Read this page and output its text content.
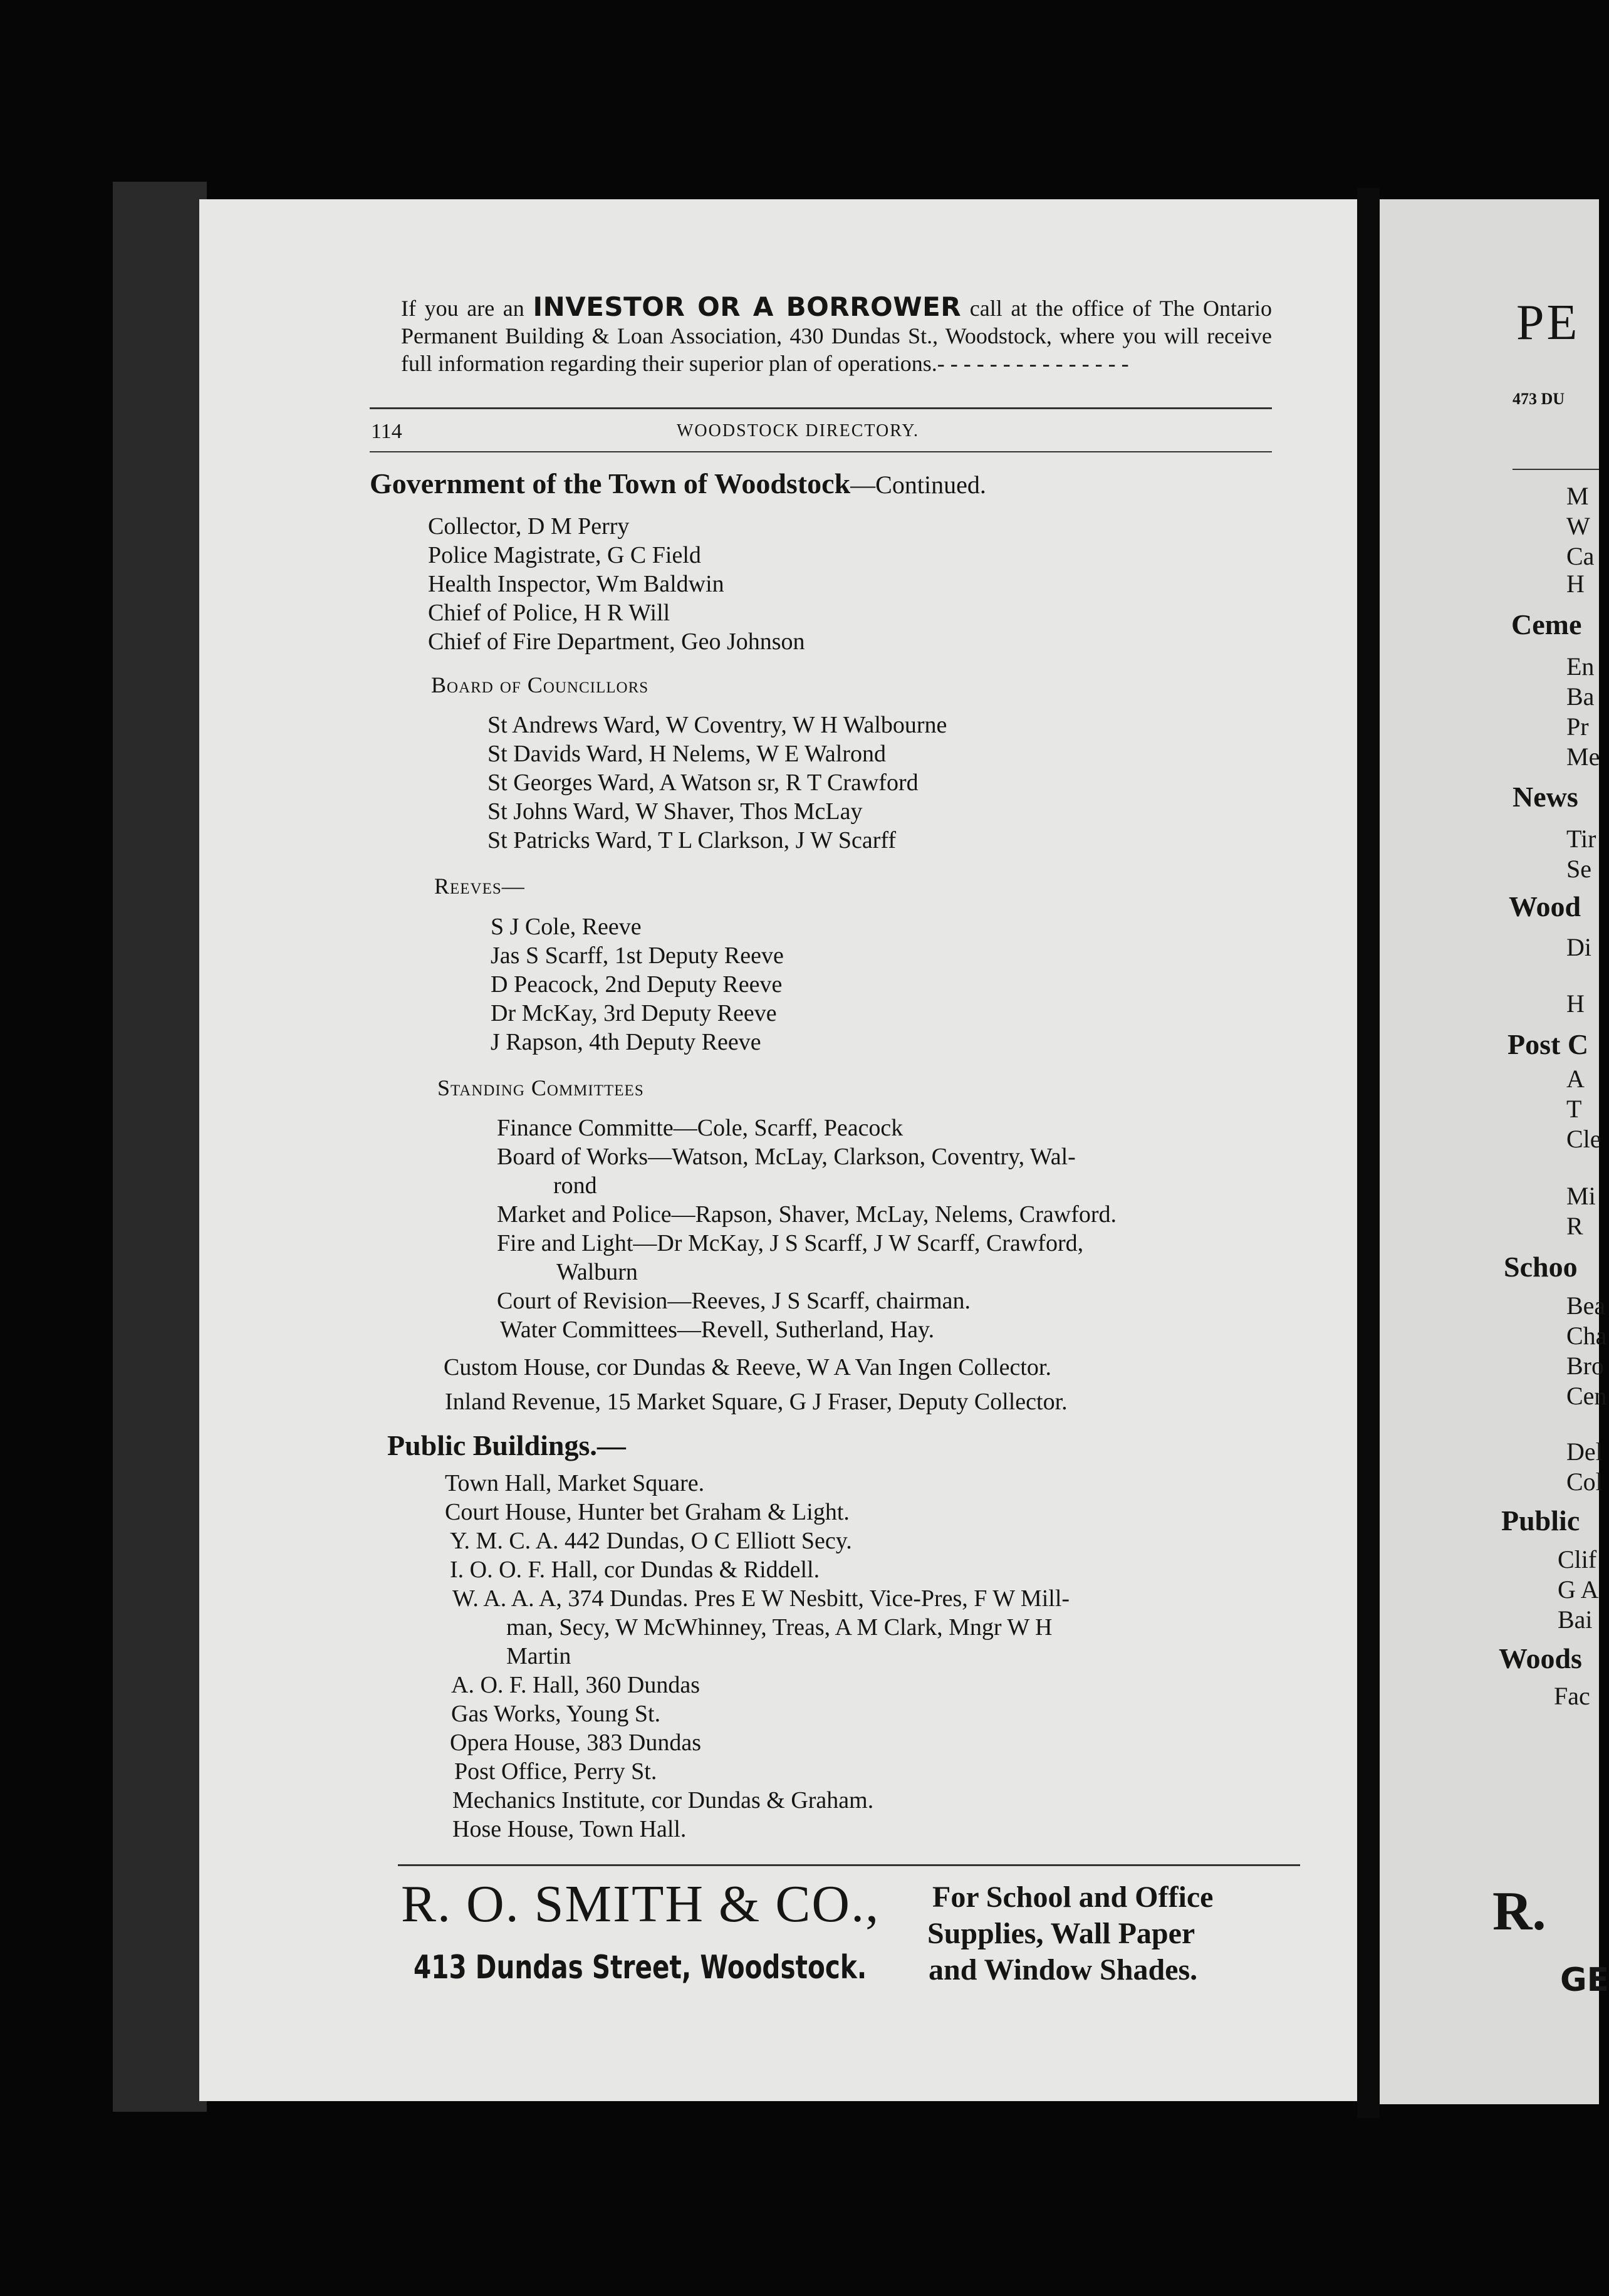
If you are an INVESTOR OR A BORROWER call at the office of The Ontario Permanent Building & Loan Association, 430 Dundas St., Woodstock, where you will receive full information regarding their superior plan of operations.- - - - - - - - - - - - - - -
114	WOODSTOCK DIRECTORY.
Government of the Town of Woodstock—Continued.
Collector, D M Perry
Police Magistrate, G C Field
Health Inspector, Wm Baldwin
Chief of Police, H R Will
Chief of Fire Department, Geo Johnson
Board of Councillors
St Andrews Ward, W Coventry, W H Walbourne
St Davids Ward, H Nelems, W E Walrond
St Georges Ward, A Watson sr, R T Crawford
St Johns Ward, W Shaver, Thos McLay
St Patricks Ward, T L Clarkson, J W Scarff
Reeves—
S J Cole, Reeve
Jas S Scarff, 1st Deputy Reeve
D Peacock, 2nd Deputy Reeve
Dr McKay, 3rd Deputy Reeve
J Rapson, 4th Deputy Reeve
Standing Committees
Finance Committe—Cole, Scarff, Peacock
Board of Works—Watson, McLay, Clarkson, Coventry, Wal-
rond
Market and Police—Rapson, Shaver, McLay, Nelems, Crawford.
Fire and Light—Dr McKay, J S Scarff, J W Scarff, Crawford,
Walburn
Court of Revision—Reeves, J S Scarff, chairman.
Water Committees—Revell, Sutherland, Hay.
Custom House, cor Dundas & Reeve, W A Van Ingen Collector.
Inland Revenue, 15 Market Square, G J Fraser, Deputy Collector.
Public Buildings.—
Town Hall, Market Square.
Court House, Hunter bet Graham & Light.
Y. M. C. A. 442 Dundas, O C Elliott Secy.
I. O. O. F. Hall, cor Dundas & Riddell.
W. A. A. A, 374 Dundas. Pres E W Nesbitt, Vice-Pres, F W Mill-
man, Secy, W McWhinney, Treas, A M Clark, Mngr W H
Martin
A. O. F. Hall, 360 Dundas
Gas Works, Young St.
Opera House, 383 Dundas
Post Office, Perry St.
Mechanics Institute, cor Dundas & Graham.
Hose House, Town Hall.
R. O. SMITH & CO.,
413 Dundas Street, Woodstock.
For School and Office
Supplies, Wall Paper
and Window Shades.
PE
473 DU
M
W
Ca
H
Ceme
En
Ba
Pr
Me
News
Tir
Se
Wood
Di
H
Post C
A
T
Cle
Mi
R
Schoo
Bea
Cha
Bro
Cen
Del
Col
Public
Clif
G A
Bai
Woods
Fac
R.
GE
